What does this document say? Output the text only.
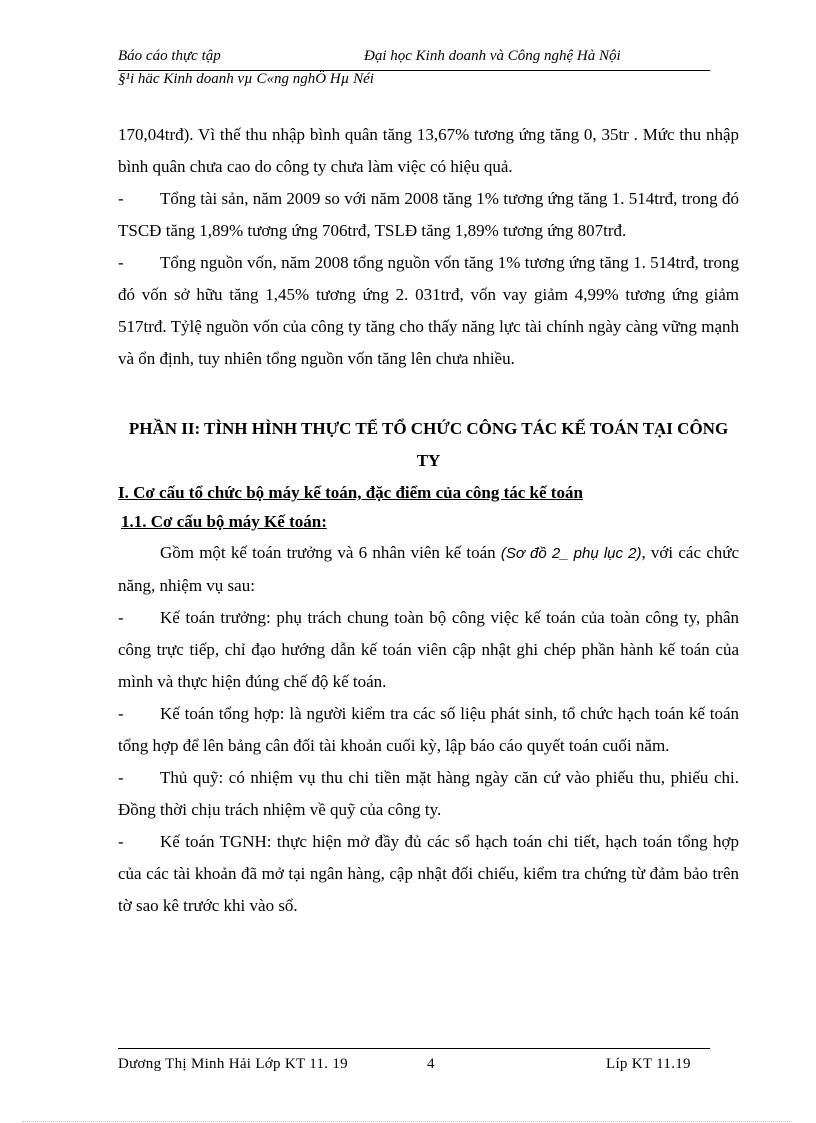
Báo cáo thực tập	Đại học Kinh doanh và Công nghệ Hà Nội
§¹i häc Kinh doanh vµ C«ng nghÖ Hµ Néi

170,04trđ). Vì thế thu nhập bình quân tăng 13,67% tương ứng tăng 0, 35tr . Mức thu nhập bình quân chưa cao do công ty chưa làm việc có hiệu quả.

- Tổng tài sản, năm 2009 so với năm 2008 tăng 1% tương ứng tăng 1. 514trđ, trong đó TSCĐ tăng 1,89% tương ứng 706trđ, TSLĐ tăng 1,89% tương ứng 807trđ.

- Tổng nguồn vốn, năm 2008 tổng nguồn vốn tăng 1% tương ứng tăng 1. 514trđ, trong đó vốn sở hữu tăng 1,45% tương ứng 2. 031trđ, vốn vay giảm 4,99% tương ứng giảm 517trđ. Tỷlệ nguồn vốn của công ty tăng cho thấy năng lực tài chính ngày càng vững mạnh và ổn định, tuy nhiên tổng nguồn vốn tăng lên chưa nhiều.

PHẦN II: TÌNH HÌNH THỰC TẾ TỔ CHỨC CÔNG TÁC KẾ TOÁN TẠI CÔNG TY

I. Cơ cấu tổ chức bộ máy kế toán, đặc điểm của công tác kế toán

1.1. Cơ cấu bộ máy Kế toán:

Gồm một kế toán trưởng và 6 nhân viên kế toán (Sơ đồ 2_ phụ lục 2), với các chức năng, nhiệm vụ sau:

- Kế toán trưởng: phụ trách chung toàn bộ công việc kế toán của toàn công ty, phân công trực tiếp, chỉ đạo hướng dẫn kế toán viên cập nhật ghi chép phần hành kế toán của mình và thực hiện đúng chế độ kế toán.

- Kế toán tổng hợp: là người kiểm tra các số liệu phát sinh, tổ chức hạch toán kế toán tổng hợp để lên bảng cân đối tài khoản cuối kỳ, lập báo cáo quyết toán cuối năm.

- Thủ quỹ: có nhiệm vụ thu chi tiền mặt hàng ngày căn cứ vào phiếu thu, phiếu chi. Đồng thời chịu trách nhiệm về quỹ của công ty.

- Kế toán TGNH: thực hiện mở đầy đủ các sổ hạch toán chi tiết, hạch toán tổng hợp của các tài khoản đã mở tại ngân hàng, cập nhật đối chiếu, kiểm tra chứng từ đảm bảo trên tờ sao kê trước khi vào sổ.

Dương Thị Minh Hải Lớp KT 11. 19	4	Líp KT 11.19
